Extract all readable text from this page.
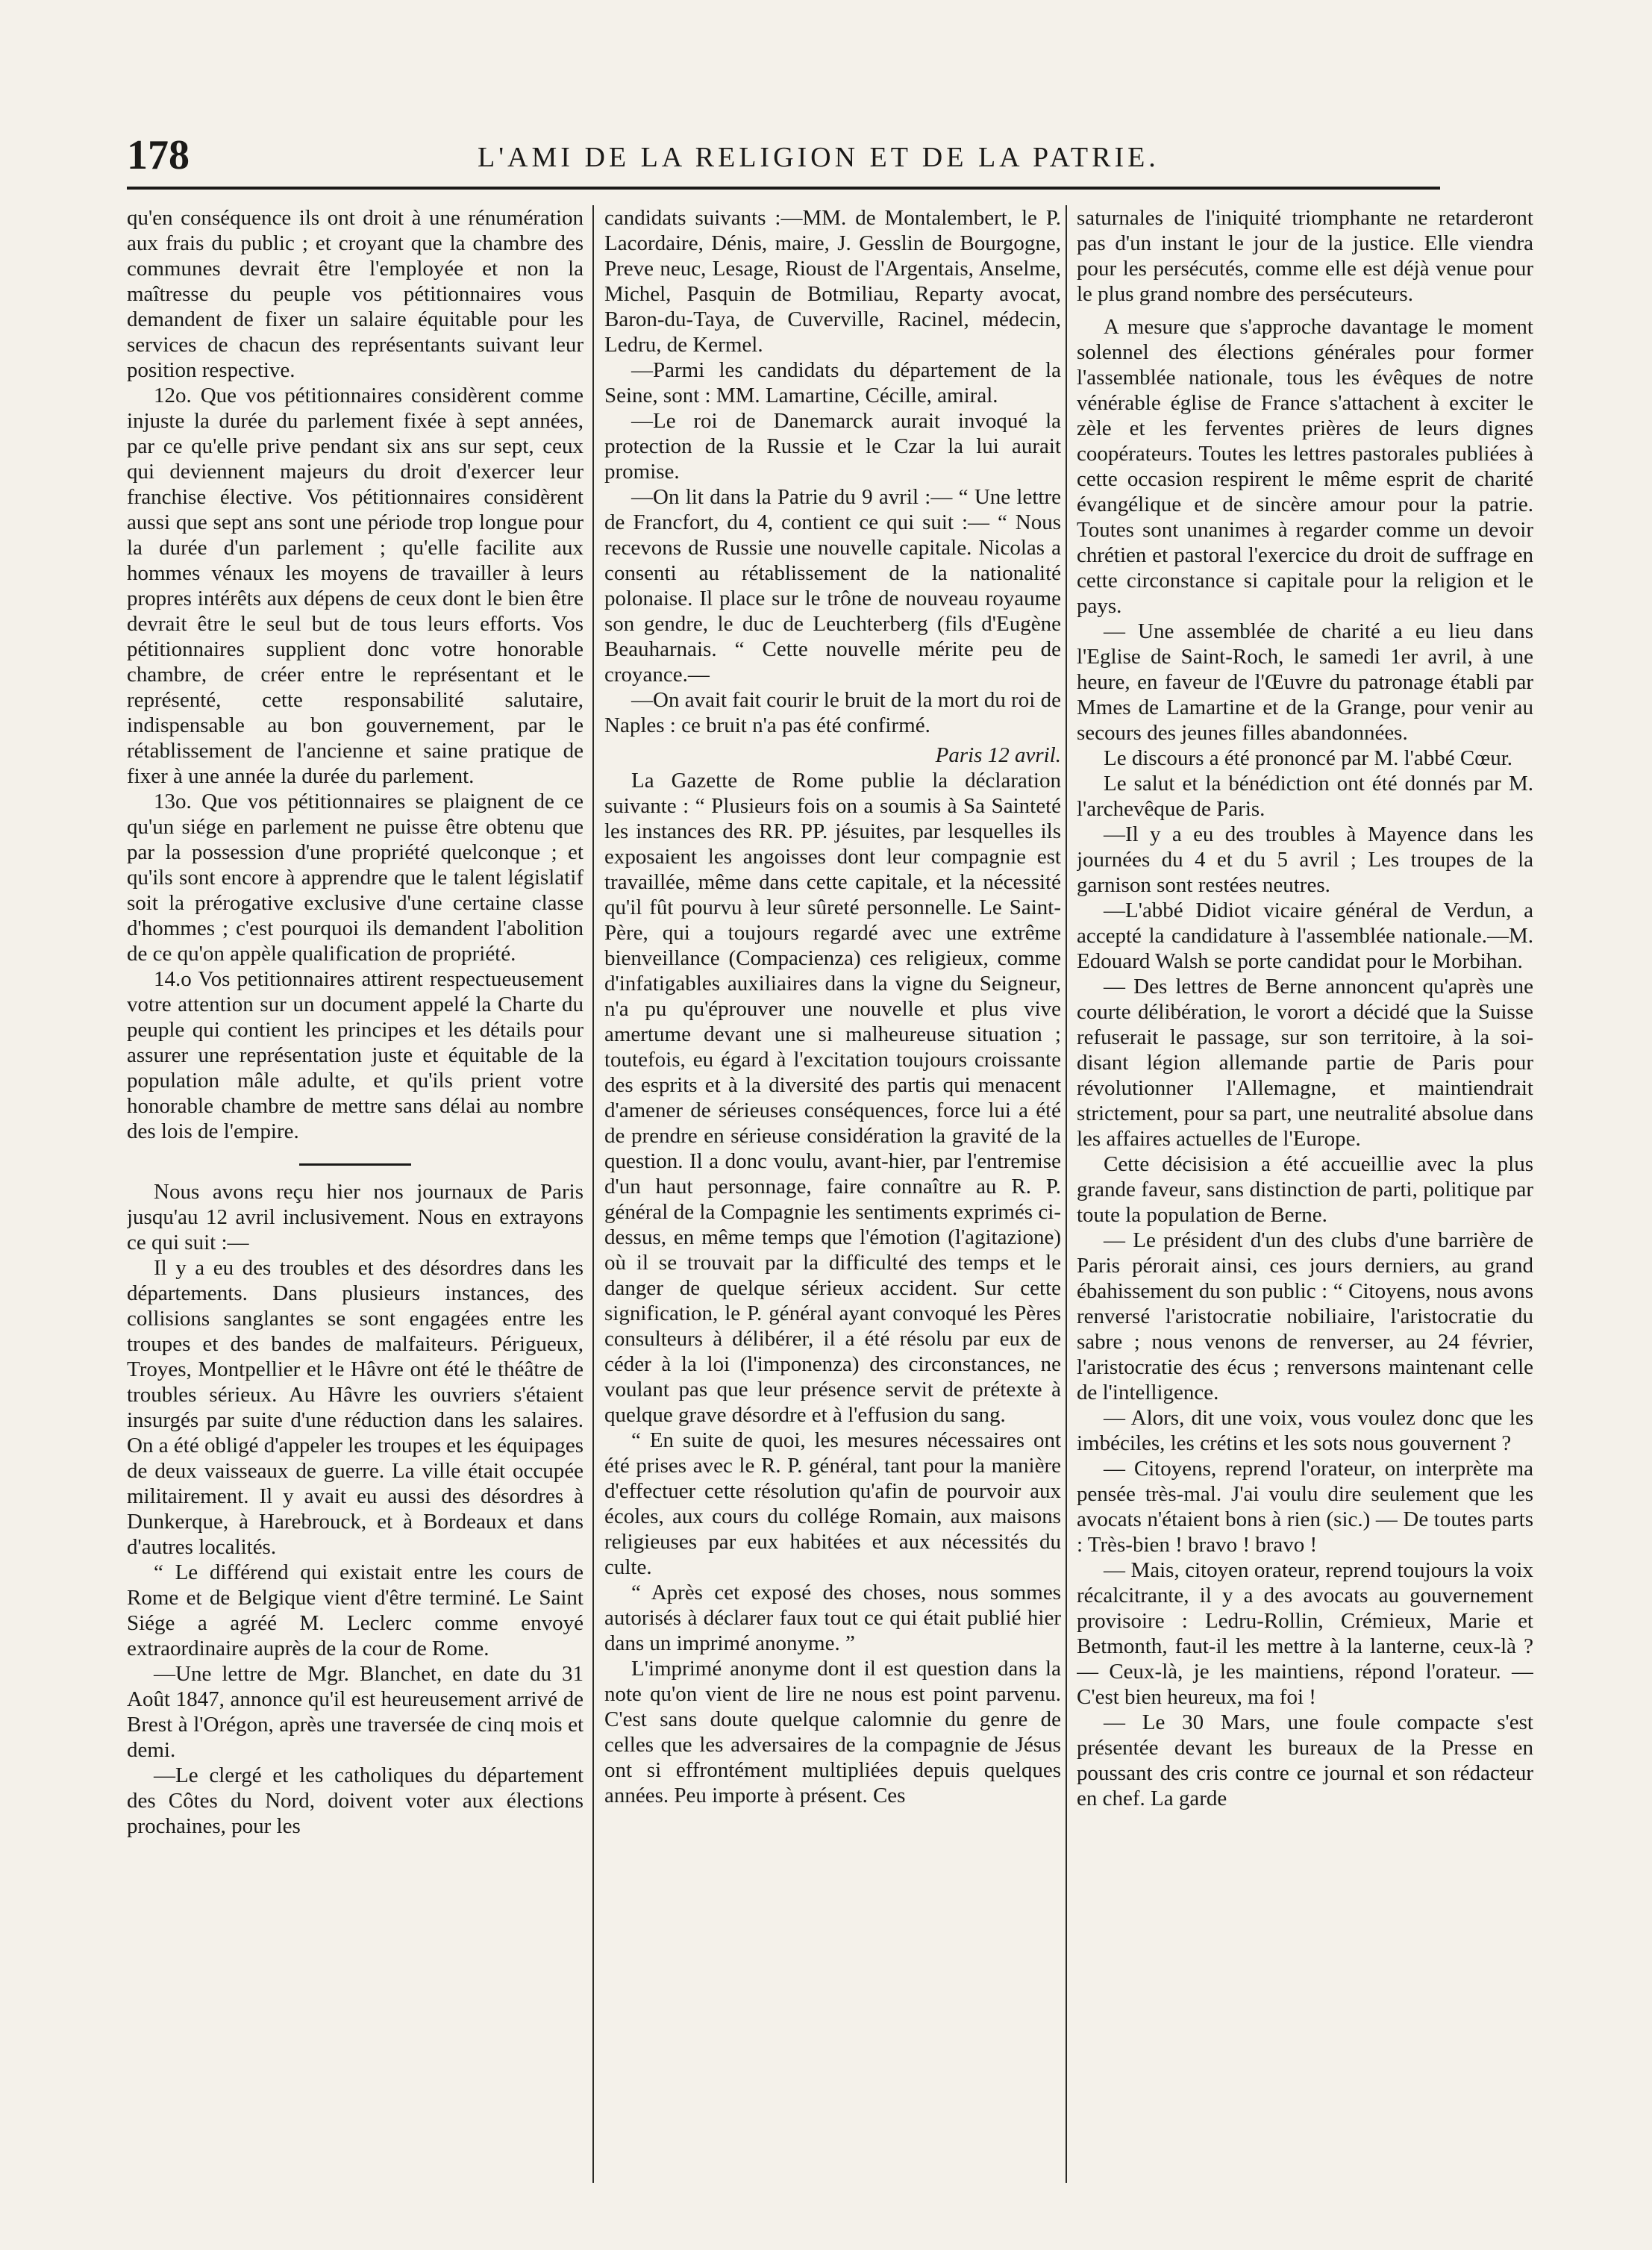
178	L'AMI DE LA RELIGION ET DE LA PATRIE.

qu'en conséquence ils ont droit à une rénumération aux frais du public ; et croyant que la chambre des communes devrait être l'employée et non la maîtresse du peuple vos pétitionnaires vous demandent de fixer un salaire équitable pour les services de chacun des représentants suivant leur position respective.

12o. Que vos pétitionnaires considèrent comme injuste la durée du parlement fixée à sept années, par ce qu'elle prive pendant six ans sur sept, ceux qui deviennent majeurs du droit d'exercer leur franchise élective. Vos pétitionnaires considèrent aussi que sept ans sont une période trop longue pour la durée d'un parlement ; qu'elle facilite aux hommes vénaux les moyens de travailler à leurs propres intérêts aux dépens de ceux dont le bien être devrait être le seul but de tous leurs efforts. Vos pétitionnaires supplient donc votre honorable chambre, de créer entre le représentant et le représenté, cette responsabilité salutaire, indispensable au bon gouvernement, par le rétablissement de l'ancienne et saine pratique de fixer à une année la durée du parlement.

13o. Que vos pétitionnaires se plaignent de ce qu'un siége en parlement ne puisse être obtenu que par la possession d'une propriété quelconque ; et qu'ils sont encore à apprendre que le talent législatif soit la prérogative exclusive d'une certaine classe d'hommes ; c'est pourquoi ils demandent l'abolition de ce qu'on appèle qualification de propriété.

14.o Vos petitionnaires attirent respectueusement votre attention sur un document appelé la Charte du peuple qui contient les principes et les détails pour assurer une représentation juste et équitable de la population mâle adulte, et qu'ils prient votre honorable chambre de mettre sans délai au nombre des lois de l'empire.

Nous avons reçu hier nos journaux de Paris jusqu'au 12 avril inclusivement. Nous en extrayons ce qui suit :—

Il y a eu des troubles et des désordres dans les départements. Dans plusieurs instances, des collisions sanglantes se sont engagées entre les troupes et des bandes de malfaiteurs. Périgueux, Troyes, Montpellier et le Hâvre ont été le théâtre de troubles sérieux. Au Hâvre les ouvriers s'étaient insurgés par suite d'une réduction dans les salaires. On a été obligé d'appeler les troupes et les équipages de deux vaisseaux de guerre. La ville était occupée militairement. Il y avait eu aussi des désordres à Dunkerque, à Harebrouck, et à Bordeaux et dans d'autres localités.

“ Le différend qui existait entre les cours de Rome et de Belgique vient d'être terminé. Le Saint Siége a agréé M. Leclerc comme envoyé extraordinaire auprès de la cour de Rome.

—Une lettre de Mgr. Blanchet, en date du 31 Août 1847, annonce qu'il est heureusement arrivé de Brest à l'Orégon, après une traversée de cinq mois et demi.

—Le clergé et les catholiques du département des Côtes du Nord, doivent voter aux élections prochaines, pour les

candidats suivants :—MM. de Montalembert, le P. Lacordaire, Dénis, maire, J. Gesslin de Bourgogne, Preve neuc, Lesage, Rioust de l'Argentais, Anselme, Michel, Pasquin de Botmiliau, Reparty avocat, Baron-du-Taya, de Cuverville, Racinel, médecin, Ledru, de Kermel.

—Parmi les candidats du département de la Seine, sont : MM. Lamartine, Cécille, amiral.

—Le roi de Danemarck aurait invoqué la protection de la Russie et le Czar la lui aurait promise.

—On lit dans la Patrie du 9 avril :— “ Une lettre de Francfort, du 4, contient ce qui suit :— “ Nous recevons de Russie une nouvelle capitale. Nicolas a consenti au rétablissement de la nationalité polonaise. Il place sur le trône de nouveau royaume son gendre, le duc de Leuchterberg (fils d'Eugène Beauharnais. “ Cette nouvelle mérite peu de croyance.—

—On avait fait courir le bruit de la mort du roi de Naples : ce bruit n'a pas été confirmé.

Paris 12 avril.

La Gazette de Rome publie la déclaration suivante : “ Plusieurs fois on a soumis à Sa Sainteté les instances des RR. PP. jésuites, par lesquelles ils exposaient les angoisses dont leur compagnie est travaillée, même dans cette capitale, et la nécessité qu'il fût pourvu à leur sûreté personnelle. Le Saint-Père, qui a toujours regardé avec une extrême bienveillance (Compacienza) ces religieux, comme d'infatigables auxiliaires dans la vigne du Seigneur, n'a pu qu'éprouver une nouvelle et plus vive amertume devant une si malheureuse situation ; toutefois, eu égard à l'excitation toujours croissante des esprits et à la diversité des partis qui menacent d'amener de sérieuses conséquences, force lui a été de prendre en sérieuse considération la gravité de la question. Il a donc voulu, avant-hier, par l'entremise d'un haut personnage, faire connaître au R. P. général de la Compagnie les sentiments exprimés ci-dessus, en même temps que l'émotion (l'agitazione) où il se trouvait par la difficulté des temps et le danger de quelque sérieux accident. Sur cette signification, le P. général ayant convoqué les Pères consulteurs à délibérer, il a été résolu par eux de céder à la loi (l'imponenza) des circonstances, ne voulant pas que leur présence servit de prétexte à quelque grave désordre et à l'effusion du sang.

“ En suite de quoi, les mesures nécessaires ont été prises avec le R. P. général, tant pour la manière d'effectuer cette résolution qu'afin de pourvoir aux écoles, aux cours du collége Romain, aux maisons religieuses par eux habitées et aux nécessités du culte.

“ Après cet exposé des choses, nous sommes autorisés à déclarer faux tout ce qui était publié hier dans un imprimé anonyme. ”

L'imprimé anonyme dont il est question dans la note qu'on vient de lire ne nous est point parvenu. C'est sans doute quelque calomnie du genre de celles que les adversaires de la compagnie de Jésus ont si effrontément multipliées depuis quelques années. Peu importe à présent. Ces

saturnales de l'iniquité triomphante ne retarderont pas d'un instant le jour de la justice. Elle viendra pour les persécutés, comme elle est déjà venue pour le plus grand nombre des persécuteurs.

A mesure que s'approche davantage le moment solennel des élections générales pour former l'assemblée nationale, tous les évêques de notre vénérable église de France s'attachent à exciter le zèle et les ferventes prières de leurs dignes coopérateurs. Toutes les lettres pastorales publiées à cette occasion respirent le même esprit de charité évangélique et de sincère amour pour la patrie. Toutes sont unanimes à regarder comme un devoir chrétien et pastoral l'exercice du droit de suffrage en cette circonstance si capitale pour la religion et le pays.

— Une assemblée de charité a eu lieu dans l'Eglise de Saint-Roch, le samedi 1er avril, à une heure, en faveur de l'Œuvre du patronage établi par Mmes de Lamartine et de la Grange, pour venir au secours des jeunes filles abandonnées.

Le discours a été prononcé par M. l'abbé Cœur.

Le salut et la bénédiction ont été donnés par M. l'archevêque de Paris.

—Il y a eu des troubles à Mayence dans les journées du 4 et du 5 avril ; Les troupes de la garnison sont restées neutres.

—L'abbé Didiot vicaire général de Verdun, a accepté la candidature à l'assemblée nationale.—M. Edouard Walsh se porte candidat pour le Morbihan.

— Des lettres de Berne annoncent qu'après une courte délibération, le vorort a décidé que la Suisse refuserait le passage, sur son territoire, à la soi-disant légion allemande partie de Paris pour révolutionner l'Allemagne, et maintiendrait strictement, pour sa part, une neutralité absolue dans les affaires actuelles de l'Europe.

Cette décisision a été accueillie avec la plus grande faveur, sans distinction de parti, politique par toute la population de Berne.

— Le président d'un des clubs d'une barrière de Paris pérorait ainsi, ces jours derniers, au grand ébahissement du son public : “ Citoyens, nous avons renversé l'aristocratie nobiliaire, l'aristocratie du sabre ; nous venons de renverser, au 24 février, l'aristocratie des écus ; renversons maintenant celle de l'intelligence.

— Alors, dit une voix, vous voulez donc que les imbéciles, les crétins et les sots nous gouvernent ?

— Citoyens, reprend l'orateur, on interprète ma pensée très-mal. J'ai voulu dire seulement que les avocats n'étaient bons à rien (sic.) — De toutes parts : Très-bien ! bravo ! bravo !

— Mais, citoyen orateur, reprend toujours la voix récalcitrante, il y a des avocats au gouvernement provisoire : Ledru-Rollin, Crémieux, Marie et Betmonth, faut-il les mettre à la lanterne, ceux-là ? — Ceux-là, je les maintiens, répond l'orateur. — C'est bien heureux, ma foi !

— Le 30 Mars, une foule compacte s'est présentée devant les bureaux de la Presse en poussant des cris contre ce journal et son rédacteur en chef. La garde
